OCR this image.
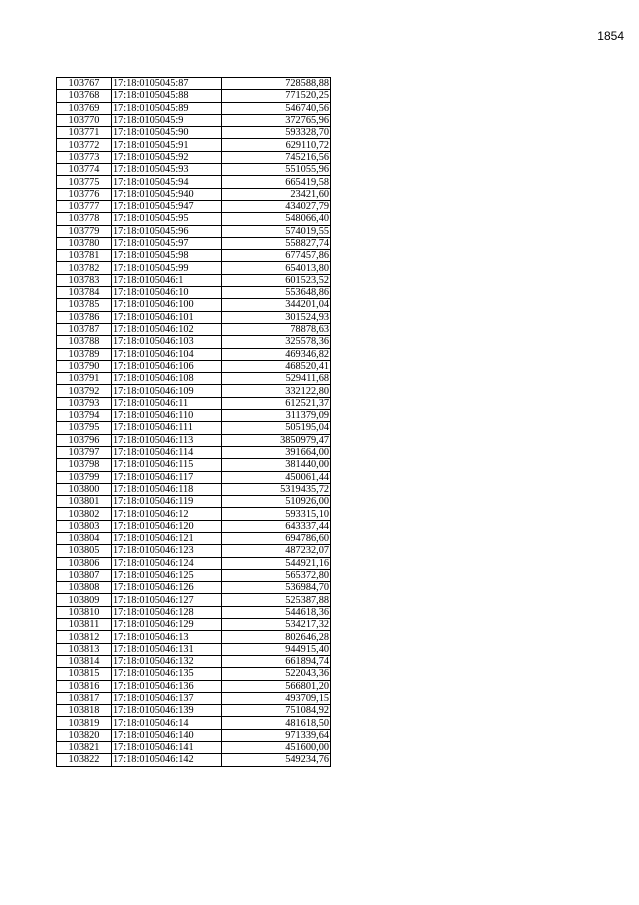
1854
103767	17:18:0105045:87	728588,88
103768	17:18:0105045:88	771520,25
103769	17:18:0105045:89	546740,56
103770	17:18:0105045:9	372765,96
103771	17:18:0105045:90	593328,70
103772	17:18:0105045:91	629110,72
103773	17:18:0105045:92	745216,56
103774	17:18:0105045:93	551055,96
103775	17:18:0105045:94	665419,58
103776	17:18:0105045:940	23421,60
103777	17:18:0105045:947	434027,79
103778	17:18:0105045:95	548066,40
103779	17:18:0105045:96	574019,55
103780	17:18:0105045:97	558827,74
103781	17:18:0105045:98	677457,86
103782	17:18:0105045:99	654013,80
103783	17:18:0105046:1	601523,52
103784	17:18:0105046:10	553648,86
103785	17:18:0105046:100	344201,04
103786	17:18:0105046:101	301524,93
103787	17:18:0105046:102	78878,63
103788	17:18:0105046:103	325578,36
103789	17:18:0105046:104	469346,82
103790	17:18:0105046:106	468520,41
103791	17:18:0105046:108	529411,68
103792	17:18:0105046:109	332122,80
103793	17:18:0105046:11	612521,37
103794	17:18:0105046:110	311379,09
103795	17:18:0105046:111	505195,04
103796	17:18:0105046:113	3850979,47
103797	17:18:0105046:114	391664,00
103798	17:18:0105046:115	381440,00
103799	17:18:0105046:117	450061,44
103800	17:18:0105046:118	5319435,72
103801	17:18:0105046:119	510926,00
103802	17:18:0105046:12	593315,10
103803	17:18:0105046:120	643337,44
103804	17:18:0105046:121	694786,60
103805	17:18:0105046:123	487232,07
103806	17:18:0105046:124	544921,16
103807	17:18:0105046:125	565372,80
103808	17:18:0105046:126	536984,70
103809	17:18:0105046:127	525387,88
103810	17:18:0105046:128	544618,36
103811	17:18:0105046:129	534217,32
103812	17:18:0105046:13	802646,28
103813	17:18:0105046:131	944915,40
103814	17:18:0105046:132	661894,74
103815	17:18:0105046:135	522043,36
103816	17:18:0105046:136	566801,20
103817	17:18:0105046:137	493709,15
103818	17:18:0105046:139	751084,92
103819	17:18:0105046:14	481618,50
103820	17:18:0105046:140	971339,64
103821	17:18:0105046:141	451600,00
103822	17:18:0105046:142	549234,76
